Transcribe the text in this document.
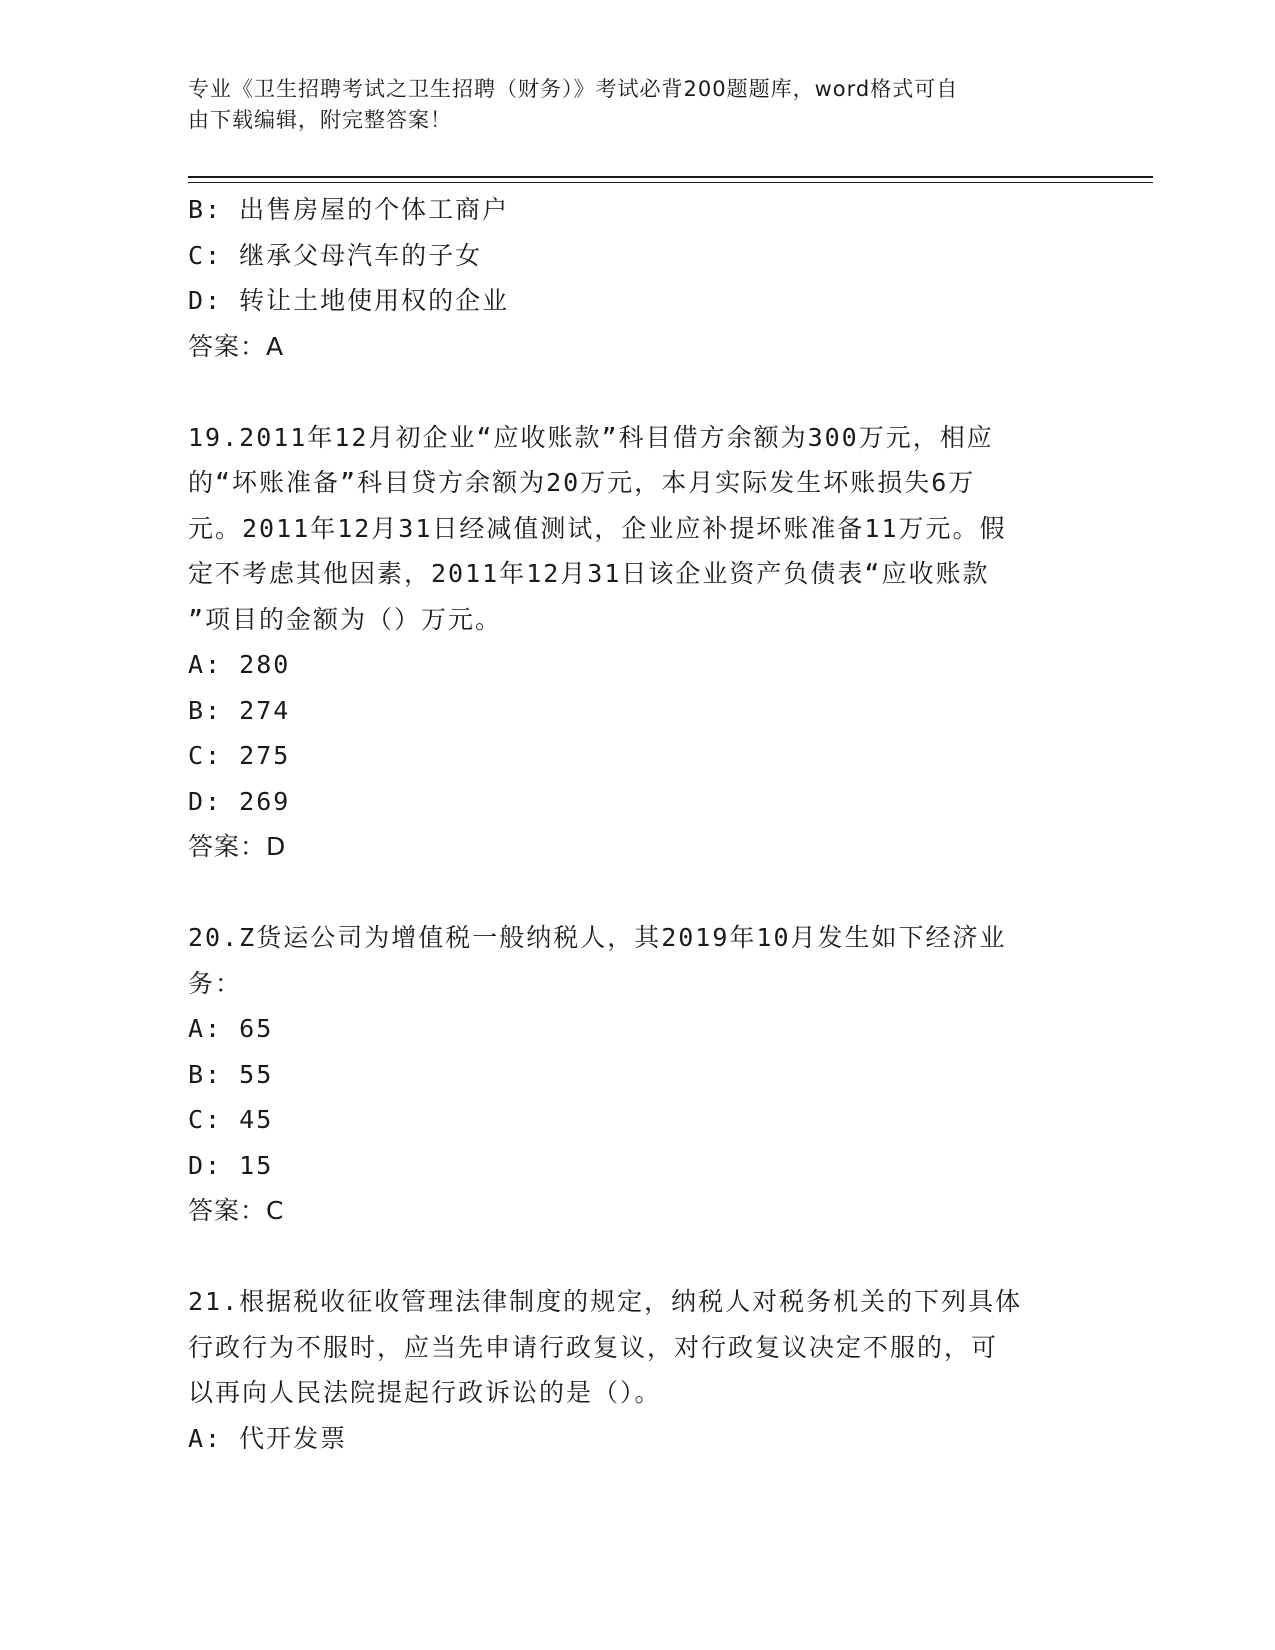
专业《卫生招聘考试之卫生招聘（财务）》考试必背200题题库，word格式可自
由下载编辑，附完整答案！
B: 出售房屋的个体工商户
C: 继承父母汽车的子女
D: 转让土地使用权的企业
答案：A
19.2011年12月初企业“应收账款”科目借方余额为300万元，相应
的“坏账准备”科目贷方余额为20万元，本月实际发生坏账损失6万
元。2011年12月31日经减值测试，企业应补提坏账准备11万元。假
定不考虑其他因素，2011年12月31日该企业资产负债表“应收账款
”项目的金额为（）万元。
A: 280
B: 274
C: 275
D: 269
答案：D
20.Z货运公司为增值税一般纳税人，其2019年10月发生如下经济业
务：
A: 65
B: 55
C: 45
D: 15
答案：C
21.根据税收征收管理法律制度的规定，纳税人对税务机关的下列具体
行政行为不服时，应当先申请行政复议，对行政复议决定不服的，可
以再向人民法院提起行政诉讼的是（）。
A: 代开发票
